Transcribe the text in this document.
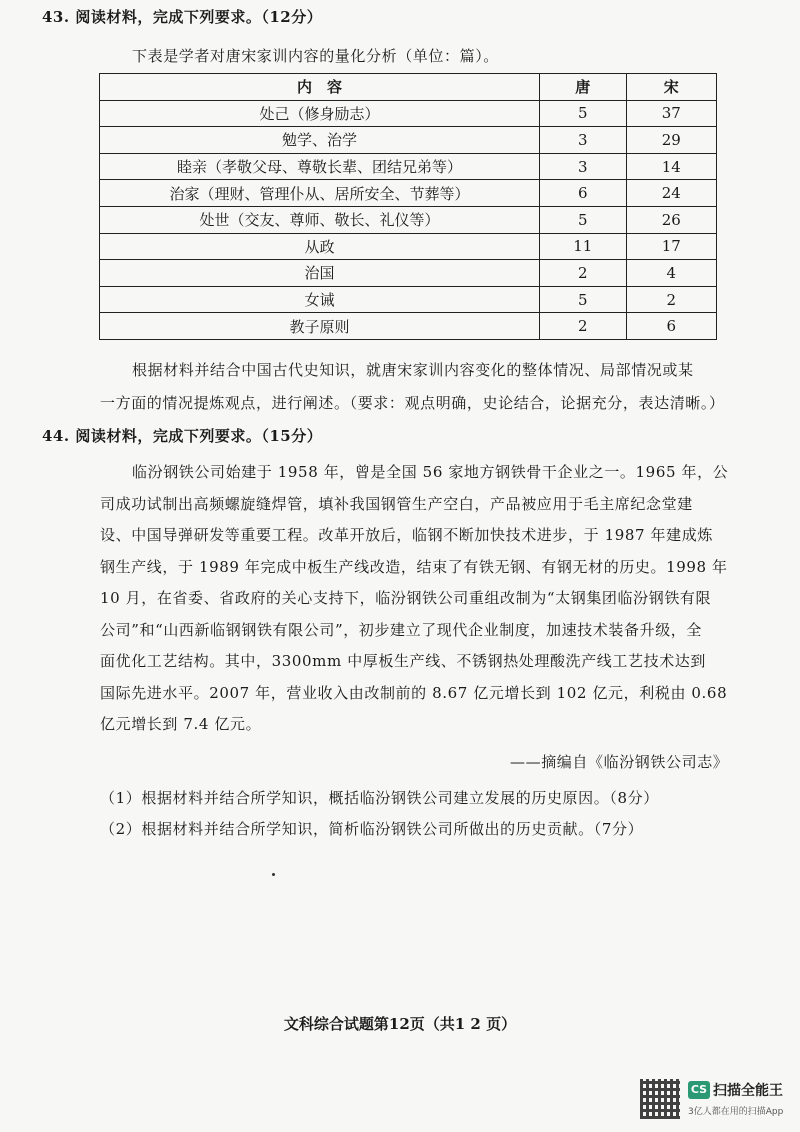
43. 阅读材料，完成下列要求。（12分）
下表是学者对唐宋家训内容的量化分析（单位：篇）。
内　容	唐	宋
处己（修身励志）	5	37
勉学、治学	3	29
睦亲（孝敬父母、尊敬长辈、团结兄弟等）	3	14
治家（理财、管理仆从、居所安全、节葬等）	6	24
处世（交友、尊师、敬长、礼仪等）	5	26
从政	11	17
治国	2	4
女诫	5	2
教子原则	2	6
根据材料并结合中国古代史知识，就唐宋家训内容变化的整体情况、局部情况或某
一方面的情况提炼观点，进行阐述。（要求：观点明确，史论结合，论据充分，表达清晰。）
44. 阅读材料，完成下列要求。（15分）
临汾钢铁公司始建于 1958 年，曾是全国 56 家地方钢铁骨干企业之一。1965 年，公
司成功试制出高频螺旋缝焊管，填补我国钢管生产空白，产品被应用于毛主席纪念堂建
设、中国导弹研发等重要工程。改革开放后，临钢不断加快技术进步，于 1987 年建成炼
钢生产线，于 1989 年完成中板生产线改造，结束了有铁无钢、有钢无材的历史。1998 年
10 月，在省委、省政府的关心支持下，临汾钢铁公司重组改制为“太钢集团临汾钢铁有限
公司”和“山西新临钢钢铁有限公司”，初步建立了现代企业制度，加速技术装备升级，全
面优化工艺结构。其中，3300mm 中厚板生产线、不锈钢热处理酸洗产线工艺技术达到
国际先进水平。2007 年，营业收入由改制前的 8.67 亿元增长到 102 亿元，利税由 0.68
亿元增长到 7.4 亿元。
——摘编自《临汾钢铁公司志》
（1）根据材料并结合所学知识，概括临汾钢铁公司建立发展的历史原因。（8分）
（2）根据材料并结合所学知识，简析临汾钢铁公司所做出的历史贡献。（7分）
文科综合试题第12页（共1 2 页）
CS 扫描全能王
3亿人都在用的扫描App
